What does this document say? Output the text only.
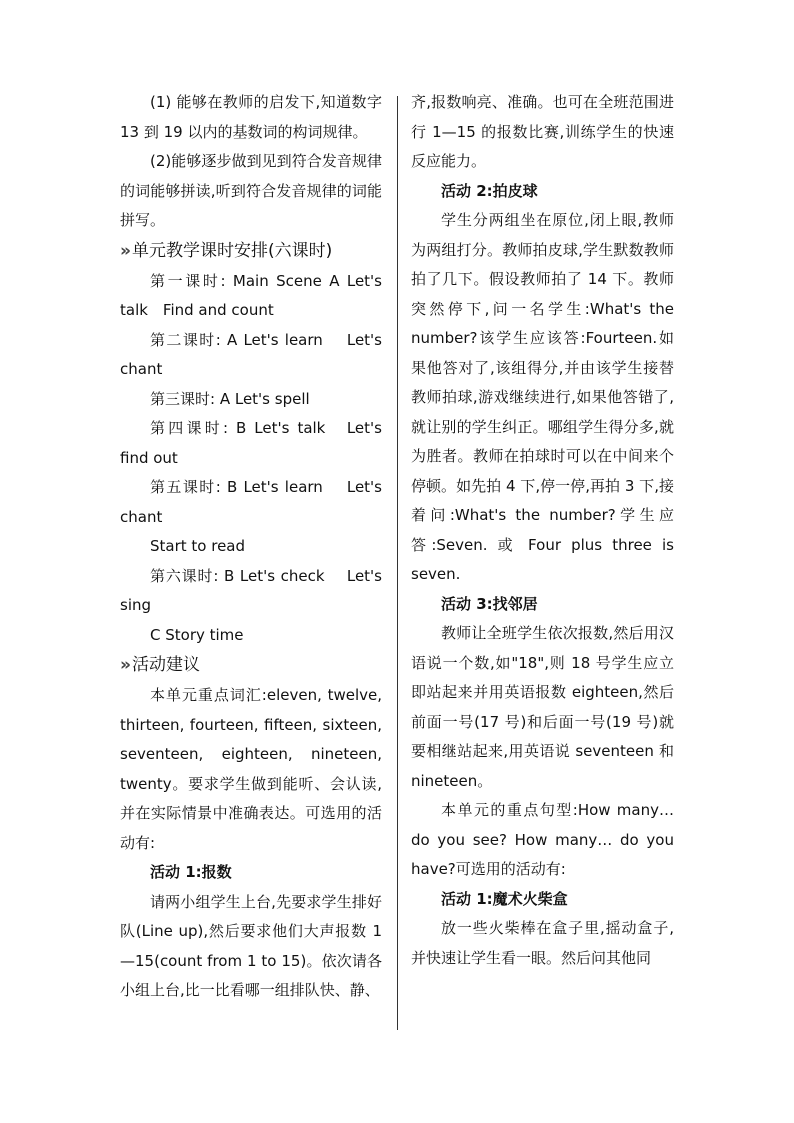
(1) 能够在教师的启发下,知道数字 13 到 19 以内的基数词的构词规律。

(2)能够逐步做到见到符合发音规律的词能够拼读,听到符合发音规律的词能拼写。

›› 单元教学课时安排(六课时)

第一课时: Main Scene A Let's talk　Find and count

第二课时: A Let's learn　 Let's chant

第三课时: A Let's spell

第四课时: B Let's talk　Let's find out

第五课时: B Let's learn　 Let's chant

Start to read

第六课时: B Let's check　 Let's sing

C Story time

›› 活动建议

本单元重点词汇:eleven, twelve, thirteen, fourteen, fifteen, sixteen, seventeen, eighteen, nineteen, twenty。要求学生做到能听、会认读,并在实际情景中准确表达。可选用的活动有:

活动 1:报数

请两小组学生上台,先要求学生排好队(Line up),然后要求他们大声报数 1—15(count from 1 to 15)。依次请各小组上台,比一比看哪一组排队快、静、

齐,报数响亮、准确。也可在全班范围进行 1—15 的报数比赛,训练学生的快速反应能力。

活动 2:拍皮球

学生分两组坐在原位,闭上眼,教师为两组打分。教师拍皮球,学生默数教师拍了几下。假设教师拍了 14 下。教师突然停下,问一名学生:What's the number?该学生应该答:Fourteen.如果他答对了,该组得分,并由该学生接替教师拍球,游戏继续进行,如果他答错了,就让别的学生纠正。哪组学生得分多,就为胜者。教师在拍球时可以在中间来个停顿。如先拍 4 下,停一停,再拍 3 下,接着问:What's the number?学生应答:Seven. 或 Four plus three is seven.

活动 3:找邻居

教师让全班学生依次报数,然后用汉语说一个数,如"18",则 18 号学生应立即站起来并用英语报数 eighteen,然后前面一号(17 号)和后面一号(19 号)就要相继站起来,用英语说 seventeen 和 nineteen。

本单元的重点句型:How many… do you see? How many… do you have?可选用的活动有:

活动 1:魔术火柴盒

放一些火柴棒在盒子里,摇动盒子,并快速让学生看一眼。然后问其他同
